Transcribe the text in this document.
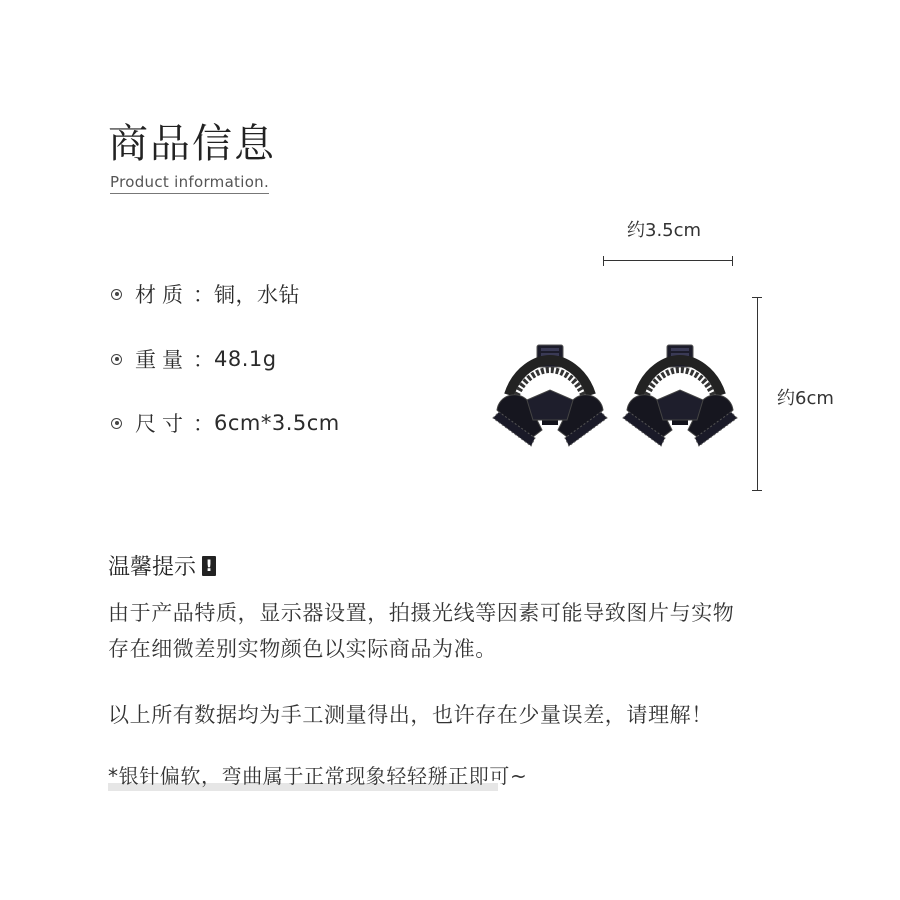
商品信息
Product information.
材 质 ： 铜，水钻
重 量 ： 48.1g
尺 寸 ： 6cm*3.5cm
约3.5cm
约6cm
温馨提示 !

由于产品特质，显示器设置，拍摄光线等因素可能导致图片与实物

存在细微差别实物颜色以实际商品为准。

以上所有数据均为手工测量得出，也许存在少量误差，请理解！

*银针偏软，弯曲属于正常现象轻轻掰正即可~
